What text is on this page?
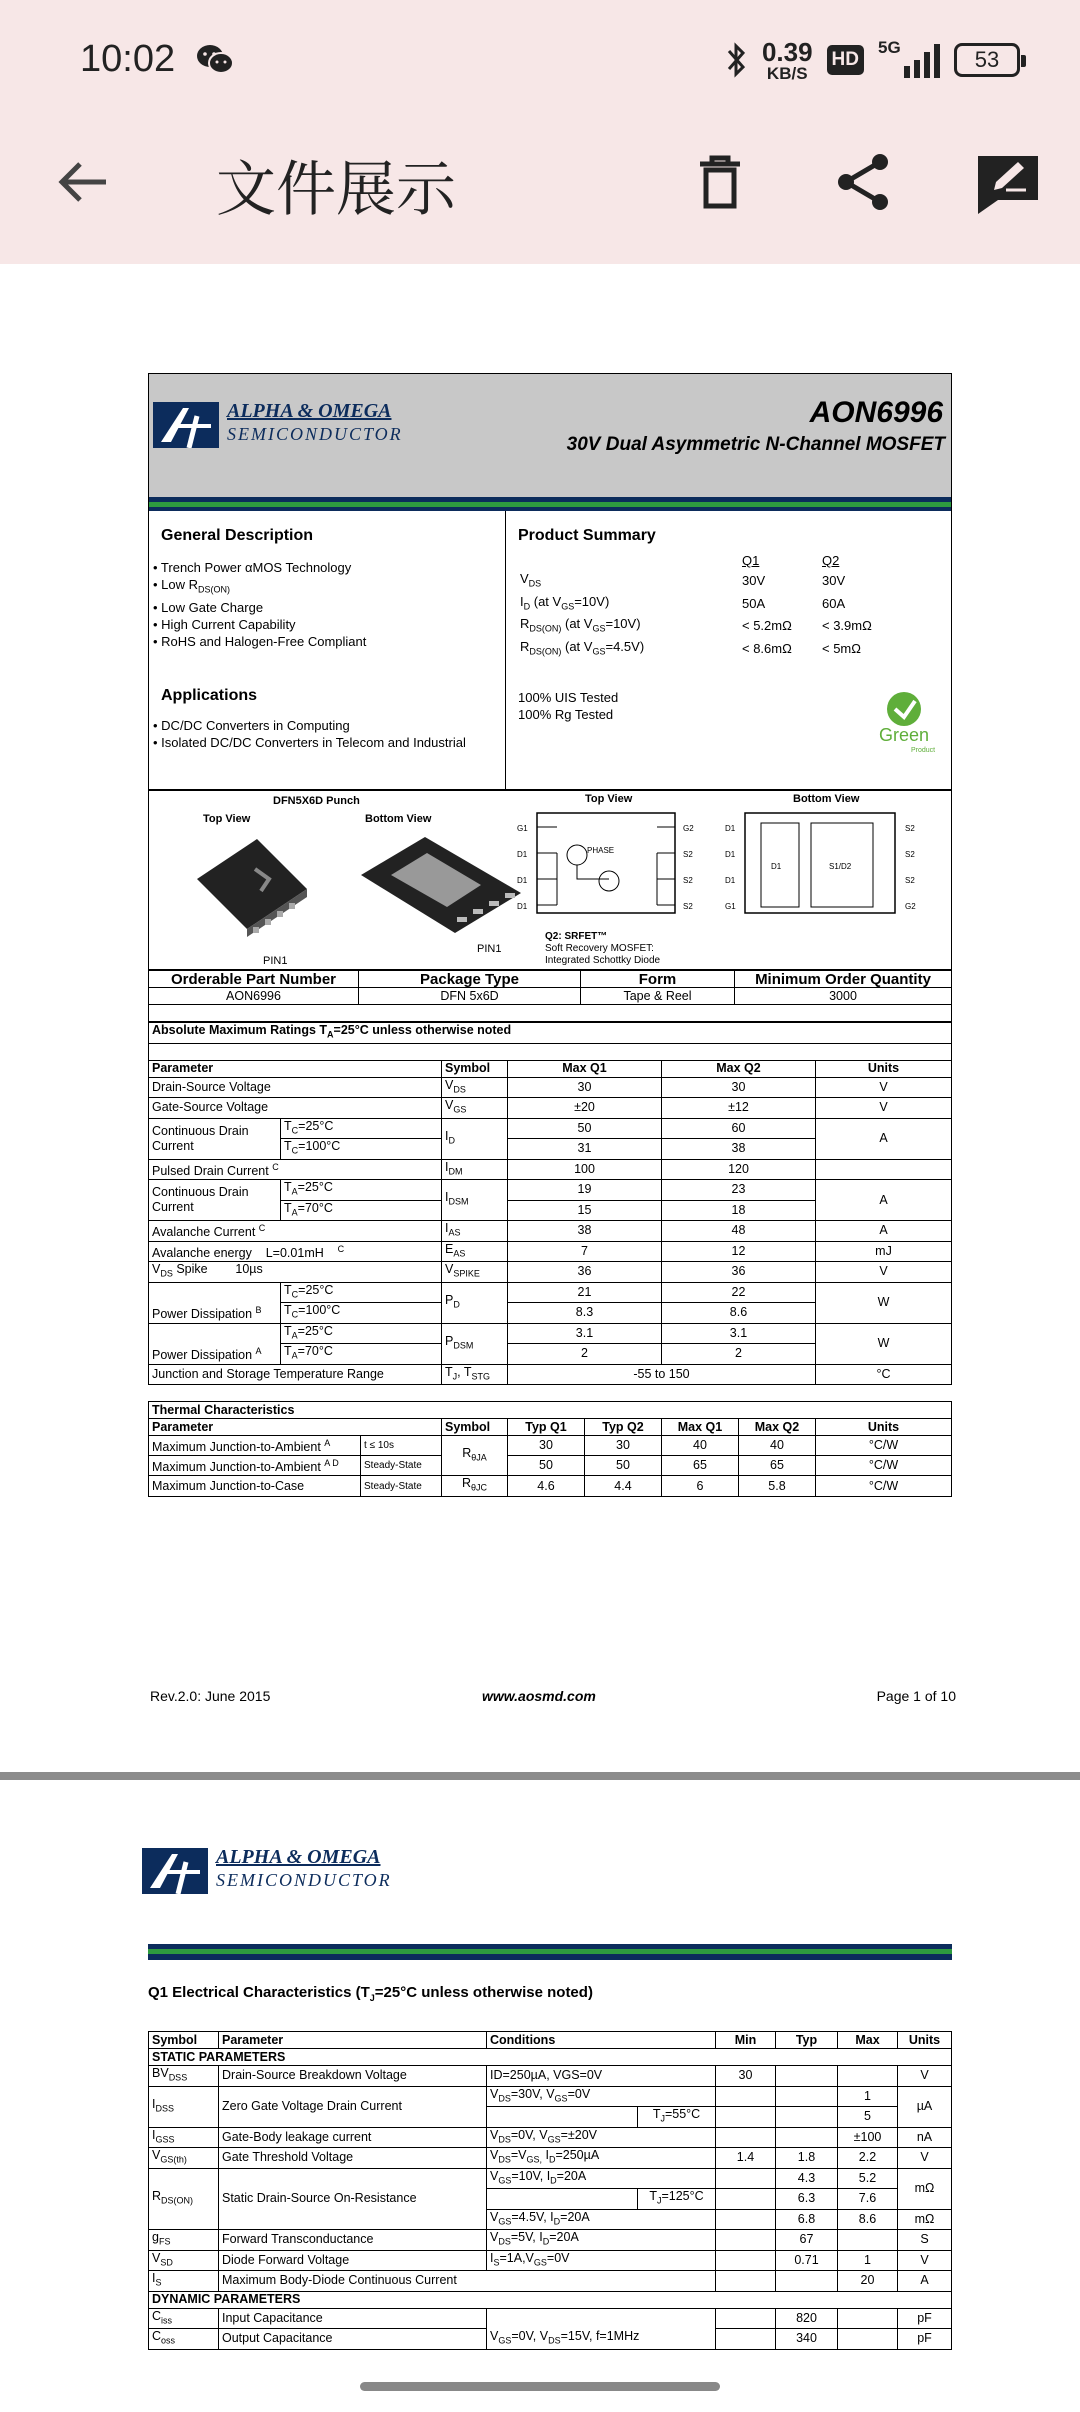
10:02	0.39
KB/S
HD
5G	53
文件展示
ALPHA & OMEGA
SEMICONDUCTOR
AON6996
30V Dual Asymmetric N-Channel MOSFET
General Description
• Trench Power αMOS Technology
• Low $R_{DS(ON)}$
• Low Gate Charge
• High Current Capability
• RoHS and Halogen-Free Compliant
Applications
• DC/DC Converters in Computing
• Isolated DC/DC Converters in Telecom and Industrial
Product Summary
	Q1	Q2
$V_{DS}$	30V	30V
$I_D$ (at $V_{GS}=10V$)	50A	60A
$R_{DS(ON)}$ (at $V_{GS}=10V$)	< 5.2mΩ	< 3.9mΩ
$R_{DS(ON)}$ (at $V_{GS}=4.5V$)	< 8.6mΩ	< 5mΩ
100% UIS Tested
100% Rg Tested
Green
Product
DFN5X6D Punch
Top View	Bottom View
PIN1
PIN1
Top View	Bottom View
G1
D1
D1
D1
G2
S2
S2
S2
PHASE
D1
D1
D1
G1
S2
S2
S2
G2
D1	S1/D2
Q2: SRFET™
Soft Recovery MOSFET:
Integrated Schottky Diode
Orderable Part Number	Package Type	Form	Minimum Order Quantity
AON6996	DFN 5x6D	Tape & Reel	3000

Absolute Maximum Ratings $T_A=25^\circ C$ unless otherwise noted					

Parameter		Symbol	Max Q1	Max Q2	Units
Drain-Source Voltage		$V_{DS}$	30	30	V
Gate-Source Voltage		$V_{GS}$	±20	±12	V
Continuous Drain
Current	$T_C=25^\circ C$	$I_D$	50	60	A
	$T_C=100^\circ C$		31	38	
Pulsed Drain Current $^C$		$I_{DM}$	100	120	
Continuous Drain
Current	$T_A=25^\circ C$	$I_{DSM}$	19	23	A
	$T_A=70^\circ C$		15	18	
Avalanche Current $^C$		$I_{AS}$	38	48	A
Avalanche energy    L=0.01mH    $^C$		$E_{AS}$	7	12	mJ
$V_{DS}$ Spike        10µs		$V_{SPIKE}$	36	36	V
Power Dissipation $^B$	$T_C=25^\circ C$	$P_D$	21	22	W
	$T_C=100^\circ C$		8.3	8.6	
Power Dissipation $^A$	$T_A=25^\circ C$	$P_{DSM}$	3.1	3.1	W
	$T_A=70^\circ C$		2	2	
Junction and Storage Temperature Range		$T_J$, $T_{STG}$	-55 to 150		°C
Thermal Characteristics							
Parameter		Symbol	Typ Q1	Typ Q2	Max Q1	Max Q2	Units
Maximum Junction-to-Ambient $^A$	t ≤ 10s	$R_{\theta JA}$	30	30	40	40	°C/W
Maximum Junction-to-Ambient $^{A D}$	Steady-State		50	50	65	65	°C/W
Maximum Junction-to-Case	Steady-State	$R_{\theta JC}$	4.6	4.4	6	5.8	°C/W
Rev.2.0: June 2015	www.aosmd.com	Page 1 of 10
ALPHA & OMEGA
SEMICONDUCTOR
Q1 Electrical Characteristics ($T_J=25^\circ C$ unless otherwise noted)
Symbol	Parameter	Conditions		Min	Typ	Max	Units
STATIC PARAMETERS							
$BV_{DSS}$	Drain-Source Breakdown Voltage	ID=250µA, VGS=0V		30			V
$I_{DSS}$	Zero Gate Voltage Drain Current	$V_{DS}=30V$, $V_{GS}=0V$				1	µA
			$T_J=55^\circ C$			5	
$I_{GSS}$	Gate-Body leakage current	$V_{DS}=0V$, $V_{GS}=\pm 20V$				±100	nA
$V_{GS(th)}$	Gate Threshold Voltage	$V_{DS}=V_{GS,}$ $I_D=250\mu A$		1.4	1.8	2.2	V
$R_{DS(ON)}$	Static Drain-Source On-Resistance	$V_{GS}=10V$, $I_D=20A$			4.3	5.2	mΩ
			$T_J=125^\circ C$		6.3	7.6	
		$V_{GS}=4.5V$, $I_D=20A$			6.8	8.6	mΩ
$g_{FS}$	Forward Transconductance	$V_{DS}=5V$, $I_D=20A$			67		S
$V_{SD}$	Diode Forward Voltage	$I_S=1A,V_{GS}=0V$			0.71	1	V
$I_S$	Maximum Body-Diode Continuous Current					20	A
DYNAMIC PARAMETERS							
$C_{iss}$	Input Capacitance	$V_{GS}=0V$, $V_{DS}=15V$, f=1MHz			820		pF
$C_{oss}$	Output Capacitance				340		pF
